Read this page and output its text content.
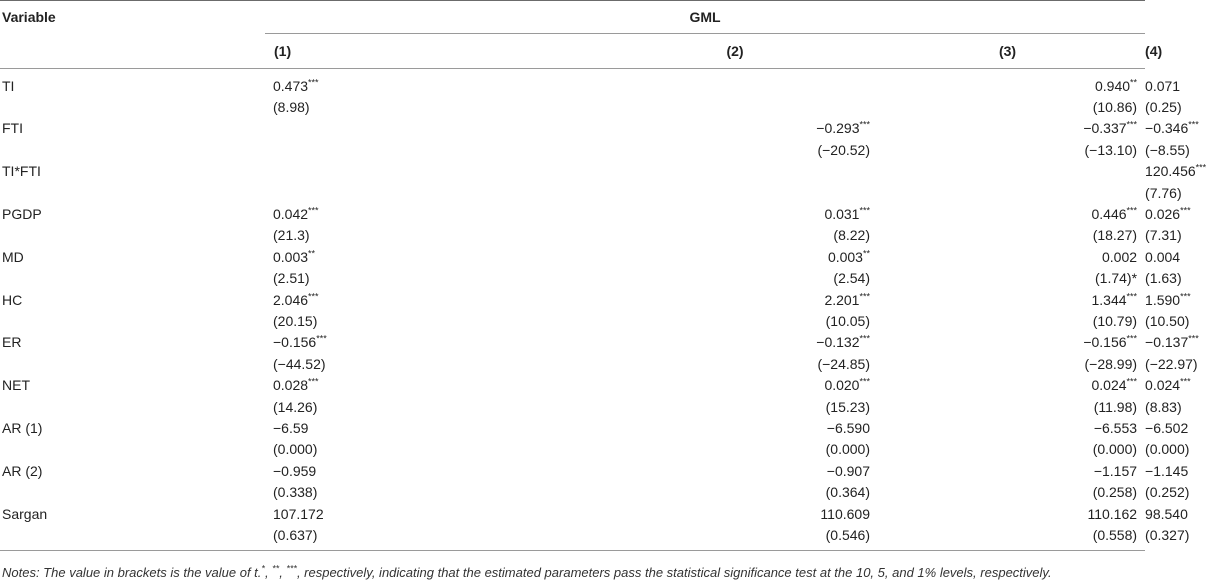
Variable	GML			
	(1)	(2)	(3)	(4)
TI	0.473***		0.940**	0.071
	(8.98)		(10.86)	(0.25)
FTI		−0.293***	−0.337***	−0.346***
		(−20.52)	(−13.10)	(−8.55)
TI*FTI				120.456***
				(7.76)
PGDP	0.042***	0.031***	0.446***	0.026***
	(21.3)	(8.22)	(18.27)	(7.31)
MD	0.003**	0.003**	0.002	0.004
	(2.51)	(2.54)	(1.74)*	(1.63)
HC	2.046***	2.201***	1.344***	1.590***
	(20.15)	(10.05)	(10.79)	(10.50)
ER	−0.156***	−0.132***	−0.156***	−0.137***
	(−44.52)	(−24.85)	(−28.99)	(−22.97)
NET	0.028***	0.020***	0.024***	0.024***
	(14.26)	(15.23)	(11.98)	(8.83)
AR (1)	−6.59	−6.590	−6.553	−6.502
	(0.000)	(0.000)	(0.000)	(0.000)
AR (2)	−0.959	−0.907	−1.157	−1.145
	(0.338)	(0.364)	(0.258)	(0.252)
Sargan	107.172	110.609	110.162	98.540
	(0.637)	(0.546)	(0.558)	(0.327)
Notes: The value in brackets is the value of t.*, **, ***, respectively, indicating that the estimated parameters pass the statistical significance test at the 10, 5, and 1% levels, respectively.
